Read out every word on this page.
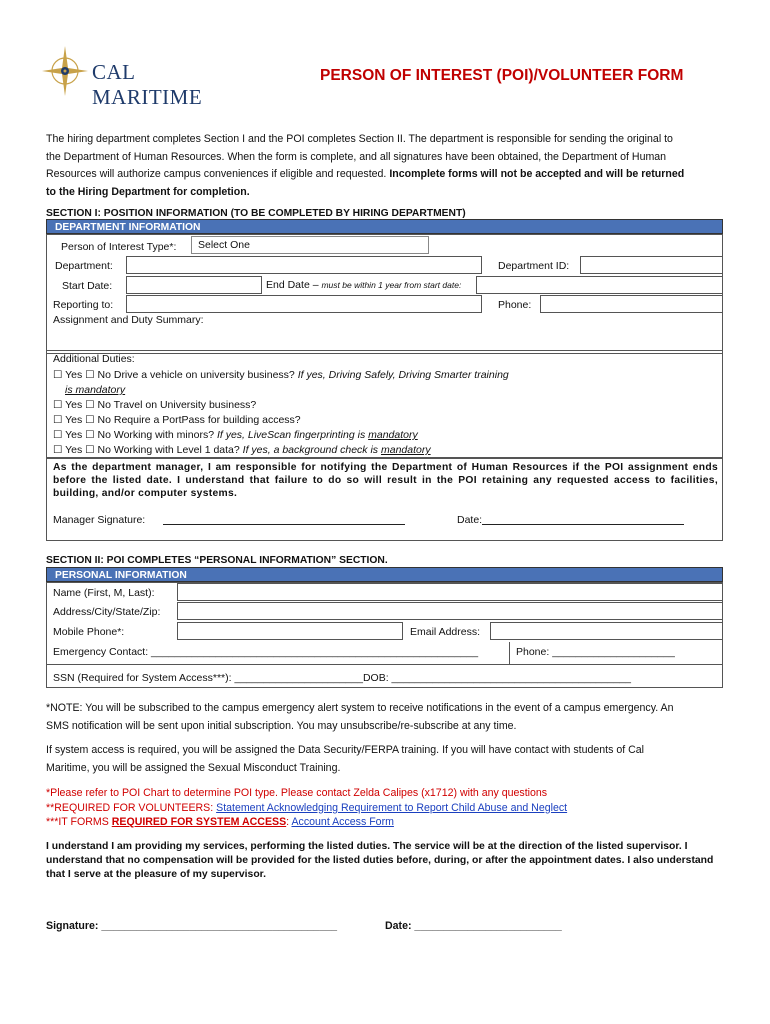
CAL MARITIME
PERSON OF INTEREST (POI)/VOLUNTEER FORM
The hiring department completes Section I and the POI completes Section II. The department is responsible for sending the original to
the Department of Human Resources. When the form is complete, and all signatures have been obtained, the Department of Human
Resources will authorize campus conveniences if eligible and requested. Incomplete forms will not be accepted and will be returned
to the Hiring Department for completion.
SECTION I: POSITION INFORMATION (TO BE COMPLETED BY HIRING DEPARTMENT)
DEPARTMENT INFORMATION
Person of Interest Type*: Select One
Department:	Department ID:
Start Date:	End Date – must be within 1 year from start date:
Reporting to:	Phone:
Assignment and Duty Summary:
Additional Duties:
☐ Yes ☐ No Drive a vehicle on university business? If yes, Driving Safely, Driving Smarter training
is mandatory
☐ Yes ☐ No Travel on University business?
☐ Yes ☐ No Require a PortPass for building access?
☐ Yes ☐ No Working with minors? If yes, LiveScan fingerprinting is mandatory
☐ Yes ☐ No Working with Level 1 data? If yes, a background check is mandatory
As the department manager, I am responsible for notifying the Department of Human Resources if the POI assignment ends before the listed date. I understand that failure to do so will result in the POI retaining any requested access to facilities, building, and/or computer systems.
Manager Signature:	Date:
SECTION II: POI COMPLETES “PERSONAL INFORMATION” SECTION.
PERSONAL INFORMATION
Name (First, M, Last):
Address/City/State/Zip:
Mobile Phone*:	Email Address:
Emergency Contact: ________________________________________________________	Phone: _____________________
SSN (Required for System Access***): ______________________DOB: _________________________________________
*NOTE: You will be subscribed to the campus emergency alert system to receive notifications in the event of a campus emergency. An
SMS notification will be sent upon initial subscription. You may unsubscribe/re-subscribe at any time.
If system access is required, you will be assigned the Data Security/FERPA training. If you will have contact with students of Cal
Maritime, you will be assigned the Sexual Misconduct Training.
*Please refer to POI Chart to determine POI type. Please contact Zelda Calipes (x1712) with any questions
**REQUIRED FOR VOLUNTEERS: Statement Acknowledging Requirement to Report Child Abuse and Neglect
***IT FORMS REQUIRED FOR SYSTEM ACCESS: Account Access Form
I understand I am providing my services, performing the listed duties. The service will be at the direction of the listed supervisor. I understand that no compensation will be provided for the listed duties before, during, or after the appointment dates. I also understand that I serve at the pleasure of my supervisor.
Signature: ________________________________________	Date: _________________________
